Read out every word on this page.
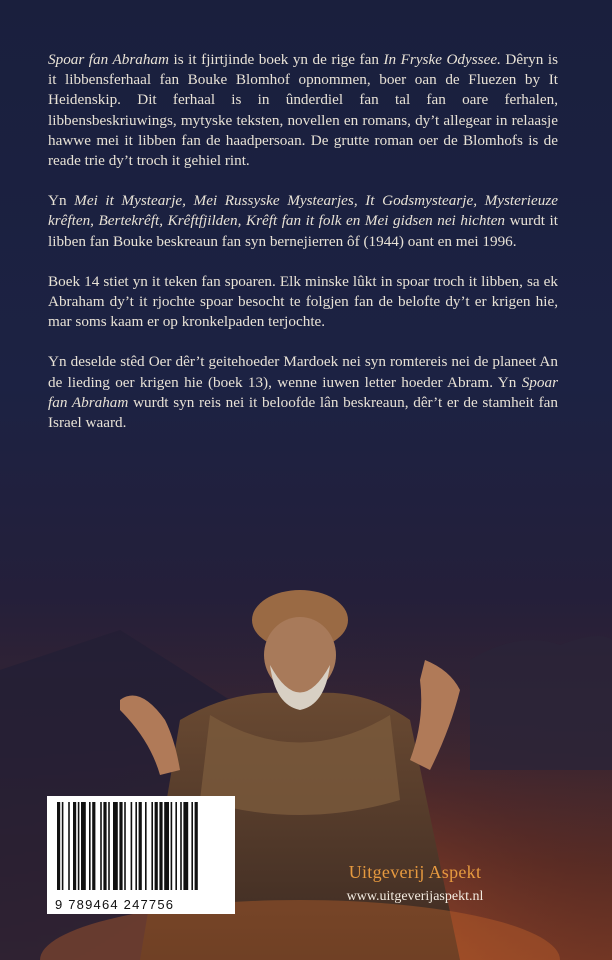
Spoar fan Abraham is it fjirtjinde boek yn de rige fan In Fryske Odyssee. Dêryn is it libbensferhaal fan Bouke Blomhof opnommen, boer oan de Fluezen by It Heidenskip. Dit ferhaal is in ûnderdiel fan tal fan oare ferhalen, libbensbeskriuwings, mytyske teksten, novellen en romans, dy’t allegear in relaasje hawwe mei it libben fan de haadpersoan. De grutte roman oer de Blomhofs is de reade trie dy’t troch it gehiel rint.

Yn Mei it Mystearje, Mei Russyske Mystearjes, It Godsmystearje, Mysterieuze krêften, Bertekrêft, Krêftfjilden, Krêft fan it folk en Mei gidsen nei hichten wurdt it libben fan Bouke beskreaun fan syn bernejierren ôf (1944) oant en mei 1996.

Boek 14 stiet yn it teken fan spoaren. Elk minske lûkt in spoar troch it libben, sa ek Abraham dy’t it rjochte spoar besocht te folgjen fan de belofte dy’t er krigen hie, mar soms kaam er op kronkelpaden terjochte.

Yn deselde stêd Oer dêr’t geitehoeder Mardoek nei syn romtereis nei de planeet An de lieding oer krigen hie (boek 13), wenne iuwen letter hoeder Abram. Yn Spoar fan Abraham wurdt syn reis nei it beloofde lân beskreaun, dêr’t er de stamheit fan Israel waard.

9 789464 247756
Uitgeverij Aspekt
www.uitgeverijaspekt.nl
